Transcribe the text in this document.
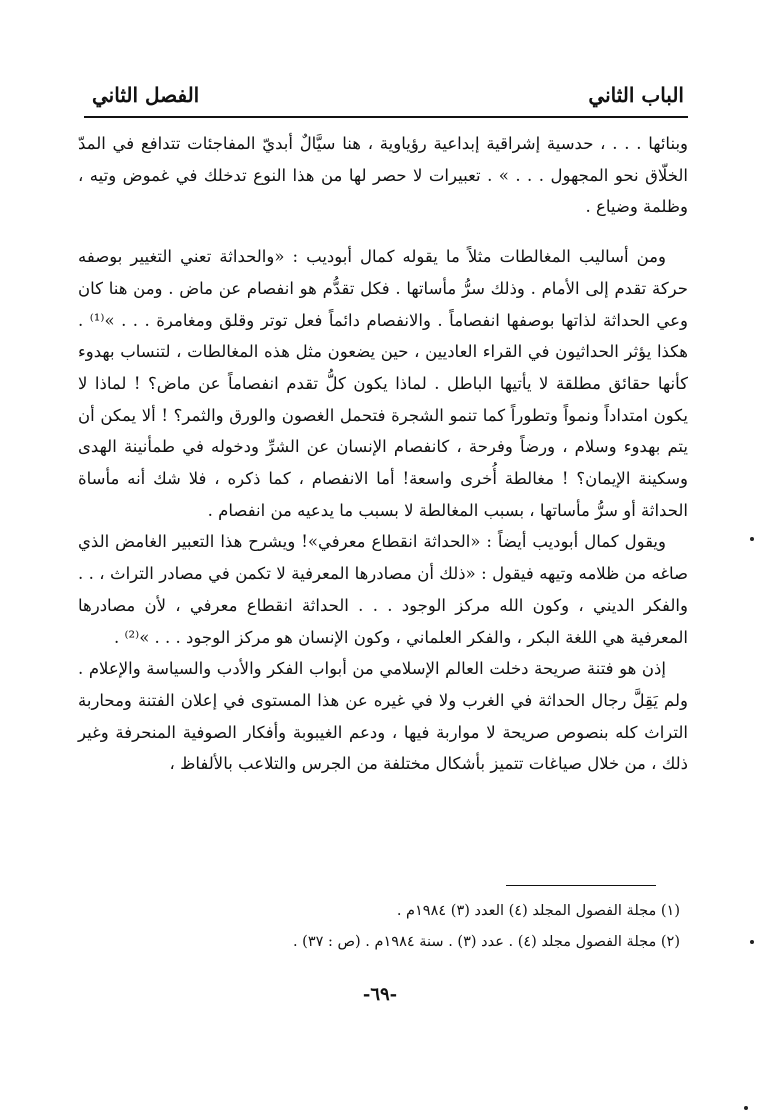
الباب الثاني
الفصل الثاني

وبنائها . . . ، حدسية إشراقية إبداعية رؤياوية ، هنا سيَّالٌ أبديّ المفاجئات تتدافع في المدّ الخلّاق نحو المجهول . . . » . تعبيرات لا حصر لها من هذا النوع تدخلك في غموض وتيه ، وظلمة وضياع .

ومن أساليب المغالطات مثلاً ما يقوله كمال أبوديب : «والحداثة تعني التغيير بوصفه حركة تقدم إلى الأمام . وذلك سرُّ مأساتها . فكل تقدُّم هو انفصام عن ماض . ومن هنا كان وعي الحداثة لذاتها بوصفها انفصاماً . والانفصام دائماً فعل توتر وقلق ومغامرة . . . »⁽¹⁾ . هكذا يؤثر الحداثيون في القراء العاديين ، حين يضعون مثل هذه المغالطات ، لتنساب بهدوء كأنها حقائق مطلقة لا يأتيها الباطل . لماذا يكون كلُّ تقدم انفصاماً عن ماض؟ ! لماذا لا يكون امتداداً ونمواً وتطوراً كما تنمو الشجرة فتحمل الغصون والورق والثمر؟ ! ألا يمكن أن يتم بهدوء وسلام ، ورضاً وفرحة ، كانفصام الإنسان عن الشرِّ ودخوله في طمأنينة الهدى وسكينة الإيمان؟ ! مغالطة أُخرى واسعة! أما الانفصام ، كما ذكره ، فلا شك أنه مأساة الحداثة أو سرُّ مأساتها ، بسبب المغالطة لا بسبب ما يدعيه من انفصام .

ويقول كمال أبوديب أيضاً : «الحداثة انقطاع معرفي»! ويشرح هذا التعبير الغامض الذي صاغه من ظلامه وتيهه فيقول : «ذلك أن مصادرها المعرفية لا تكمن في مصادر التراث ، . . والفكر الديني ، وكون الله مركز الوجود . . . الحداثة انقطاع معرفي ، لأن مصادرها المعرفية هي اللغة البكر ، والفكر العلماني ، وكون الإنسان هو مركز الوجود . . . »⁽²⁾ .

إذن هو فتنة صريحة دخلت العالم الإسلامي من أبواب الفكر والأدب والسياسة والإعلام . ولم يَقِلَّ رجال الحداثة في الغرب ولا في غيره عن هذا المستوى في إعلان الفتنة ومحاربة التراث كله بنصوص صريحة لا مواربة فيها ، ودعم الغيبوبة وأفكار الصوفية المنحرفة وغير ذلك ، من خلال صياغات تتميز بأشكال مختلفة من الجرس والتلاعب بالألفاظ ،

(١) مجلة الفصول المجلد (٤) العدد (٣) ١٩٨٤م .
(٢) مجلة الفصول مجلد (٤) . عدد (٣) . سنة ١٩٨٤م . (ص : ٣٧) .
-٦٩-
